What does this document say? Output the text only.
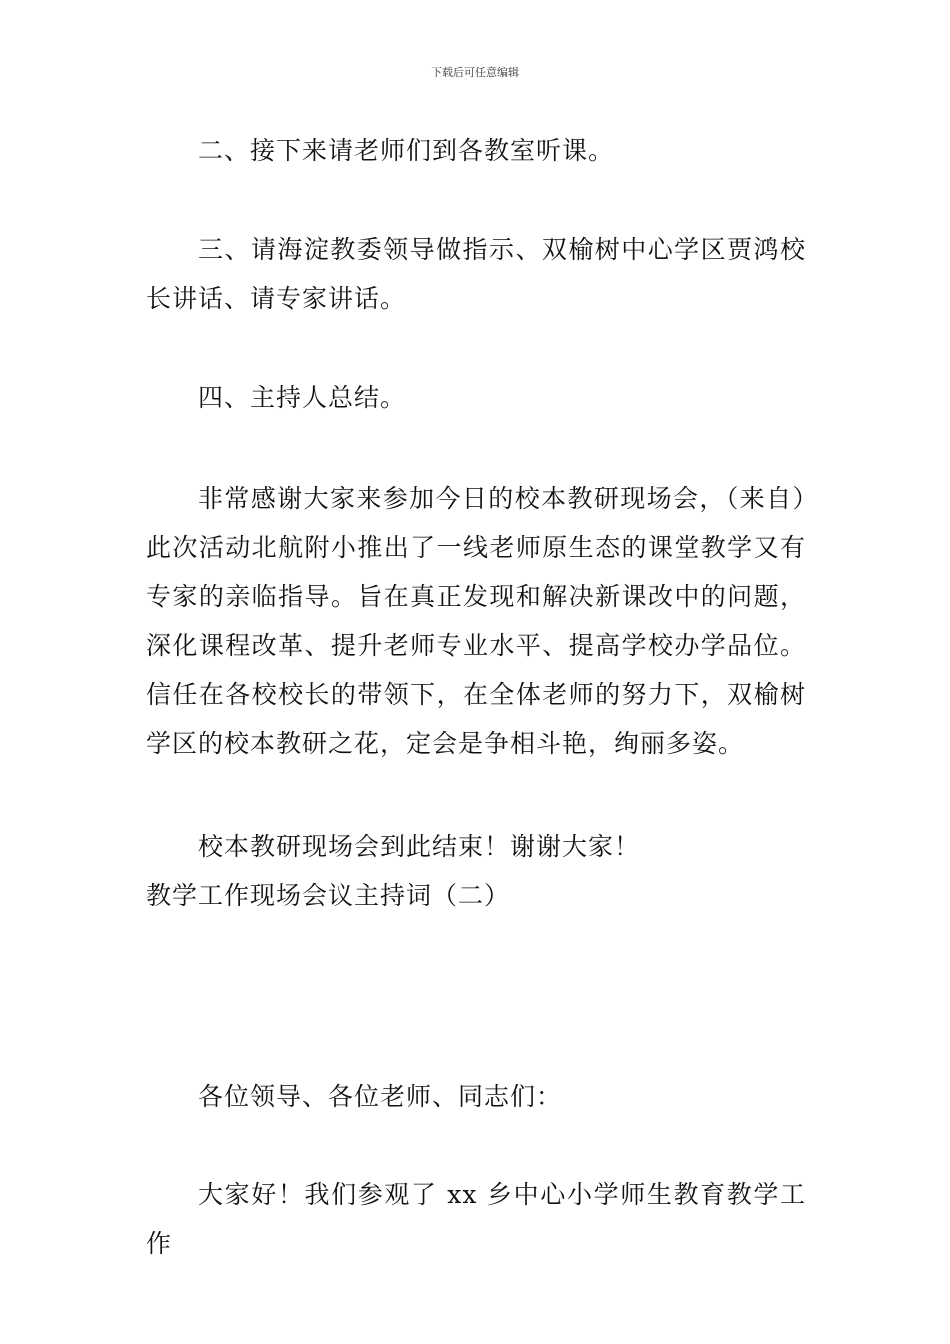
下载后可任意编辑

二、接下来请老师们到各教室听课。

三、请海淀教委领导做指示、双榆树中心学区贾鸿校长讲话、请专家讲话。

四、主持人总结。

非常感谢大家来参加今日的校本教研现场会，（来自）此次活动北航附小推出了一线老师原生态的课堂教学又有专家的亲临指导。旨在真正发现和解决新课改中的问题，深化课程改革、提升老师专业水平、提高学校办学品位。信任在各校校长的带领下，在全体老师的努力下，双榆树学区的校本教研之花，定会是争相斗艳，绚丽多姿。

校本教研现场会到此结束！谢谢大家！

教学工作现场会议主持词（二）

各位领导、各位老师、同志们：

大家好！我们参观了 xx 乡中心小学师生教育教学工作
